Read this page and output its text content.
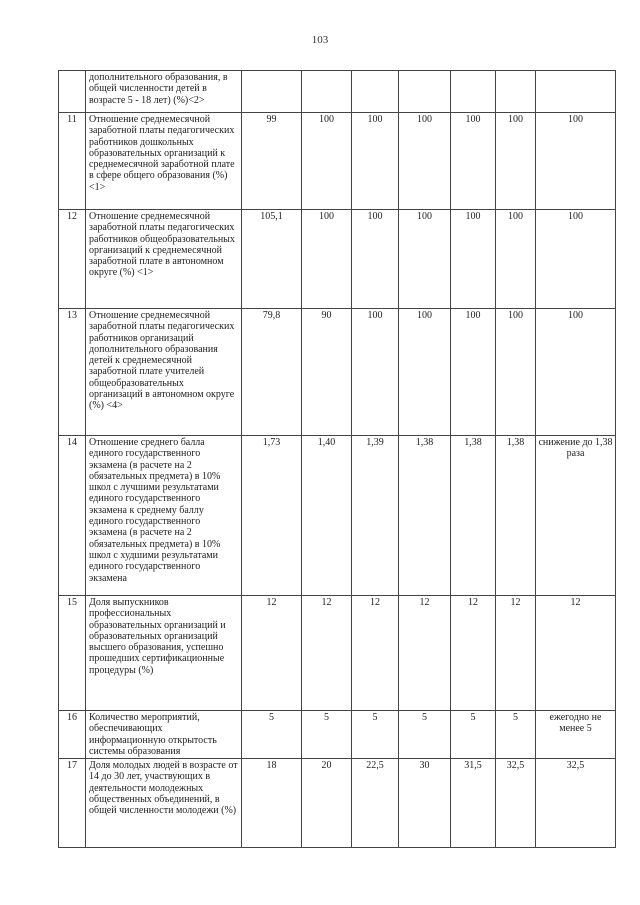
103
	дополнительного образования, в общей численности детей в возрасте 5 - 18 лет) (%)<2>							
11	Отношение среднемесячной заработной платы педагогических работников дошкольных образовательных организаций к среднемесячной заработной плате в сфере общего образования (%) <1>	99	100	100	100	100	100	100
12	Отношение среднемесячной заработной платы педагогических работников общеобразовательных организаций к среднемесячной заработной плате в автономном округе (%) <1>	105,1	100	100	100	100	100	100
13	Отношение среднемесячной заработной платы педагогических работников организаций дополнительного образования детей к среднемесячной заработной плате учителей общеобразовательных организаций в автономном округе (%) <4>	79,8	90	100	100	100	100	100
14	Отношение среднего балла единого государственного экзамена (в расчете на 2 обязательных предмета) в 10% школ с лучшими результатами единого государственного экзамена к среднему баллу единого государственного экзамена (в расчете на 2 обязательных предмета) в 10% школ с худшими результатами единого государственного экзамена	1,73	1,40	1,39	1,38	1,38	1,38	снижение до 1,38 раза
15	Доля выпускников профессиональных образовательных организаций и образовательных организаций высшего образования, успешно прошедших сертификационные процедуры (%)	12	12	12	12	12	12	12
16	Количество мероприятий, обеспечивающих информационную открытость системы образования	5	5	5	5	5	5	ежегодно не менее 5
17	Доля молодых людей в возрасте от 14 до 30 лет, участвующих в деятельности молодежных общественных объединений, в общей численности молодежи (%)	18	20	22,5	30	31,5	32,5	32,5
